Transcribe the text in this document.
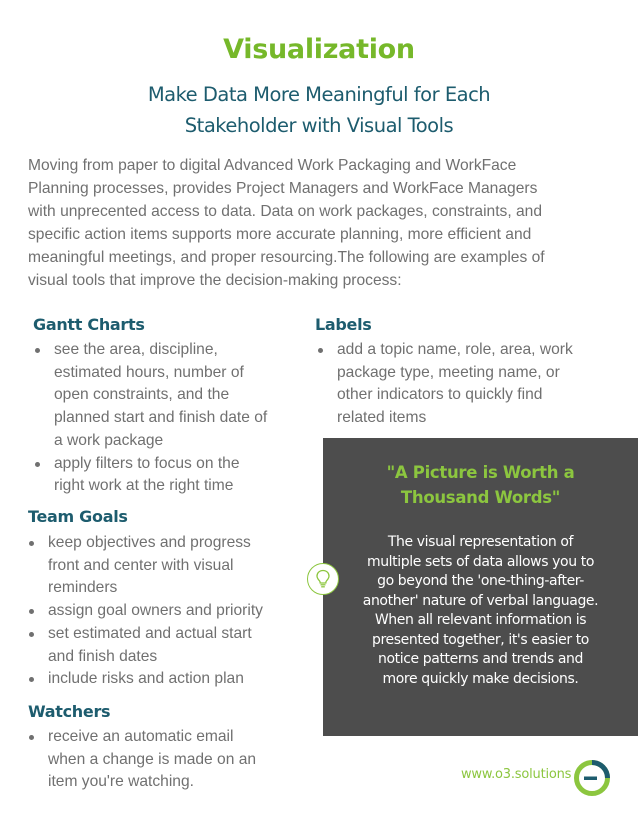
Visualization
Make Data More Meaningful for Each
Stakeholder with Visual Tools
Moving from paper to digital Advanced Work Packaging and WorkFace
Planning processes, provides Project Managers and WorkFace Managers
with unprecented access to data. Data on work packages, constraints, and
specific action items supports more accurate planning, more efficient and
meaningful meetings, and proper resourcing.The following are examples of
visual tools that improve the decision-making process:
Gantt Charts
see the area, discipline,
estimated hours, number of
open constraints, and the
planned start and finish date of
a work package
apply filters to focus on the
right work at the right time
Labels
add a topic name, role, area, work
package type, meeting name, or
other indicators to quickly find
related items
Team Goals
keep objectives and progress
front and center with visual
reminders
assign goal owners and priority
set estimated and actual start
and finish dates
include risks and action plan
Watchers
receive an automatic email
when a change is made on an
item you're watching.
"A Picture is Worth a
Thousand Words"
The visual representation of
multiple sets of data allows you to
go beyond the 'one-thing-after-
another' nature of verbal language.
When all relevant information is
presented together, it's easier to
notice patterns and trends and
more quickly make decisions.
www.o3.solutions
